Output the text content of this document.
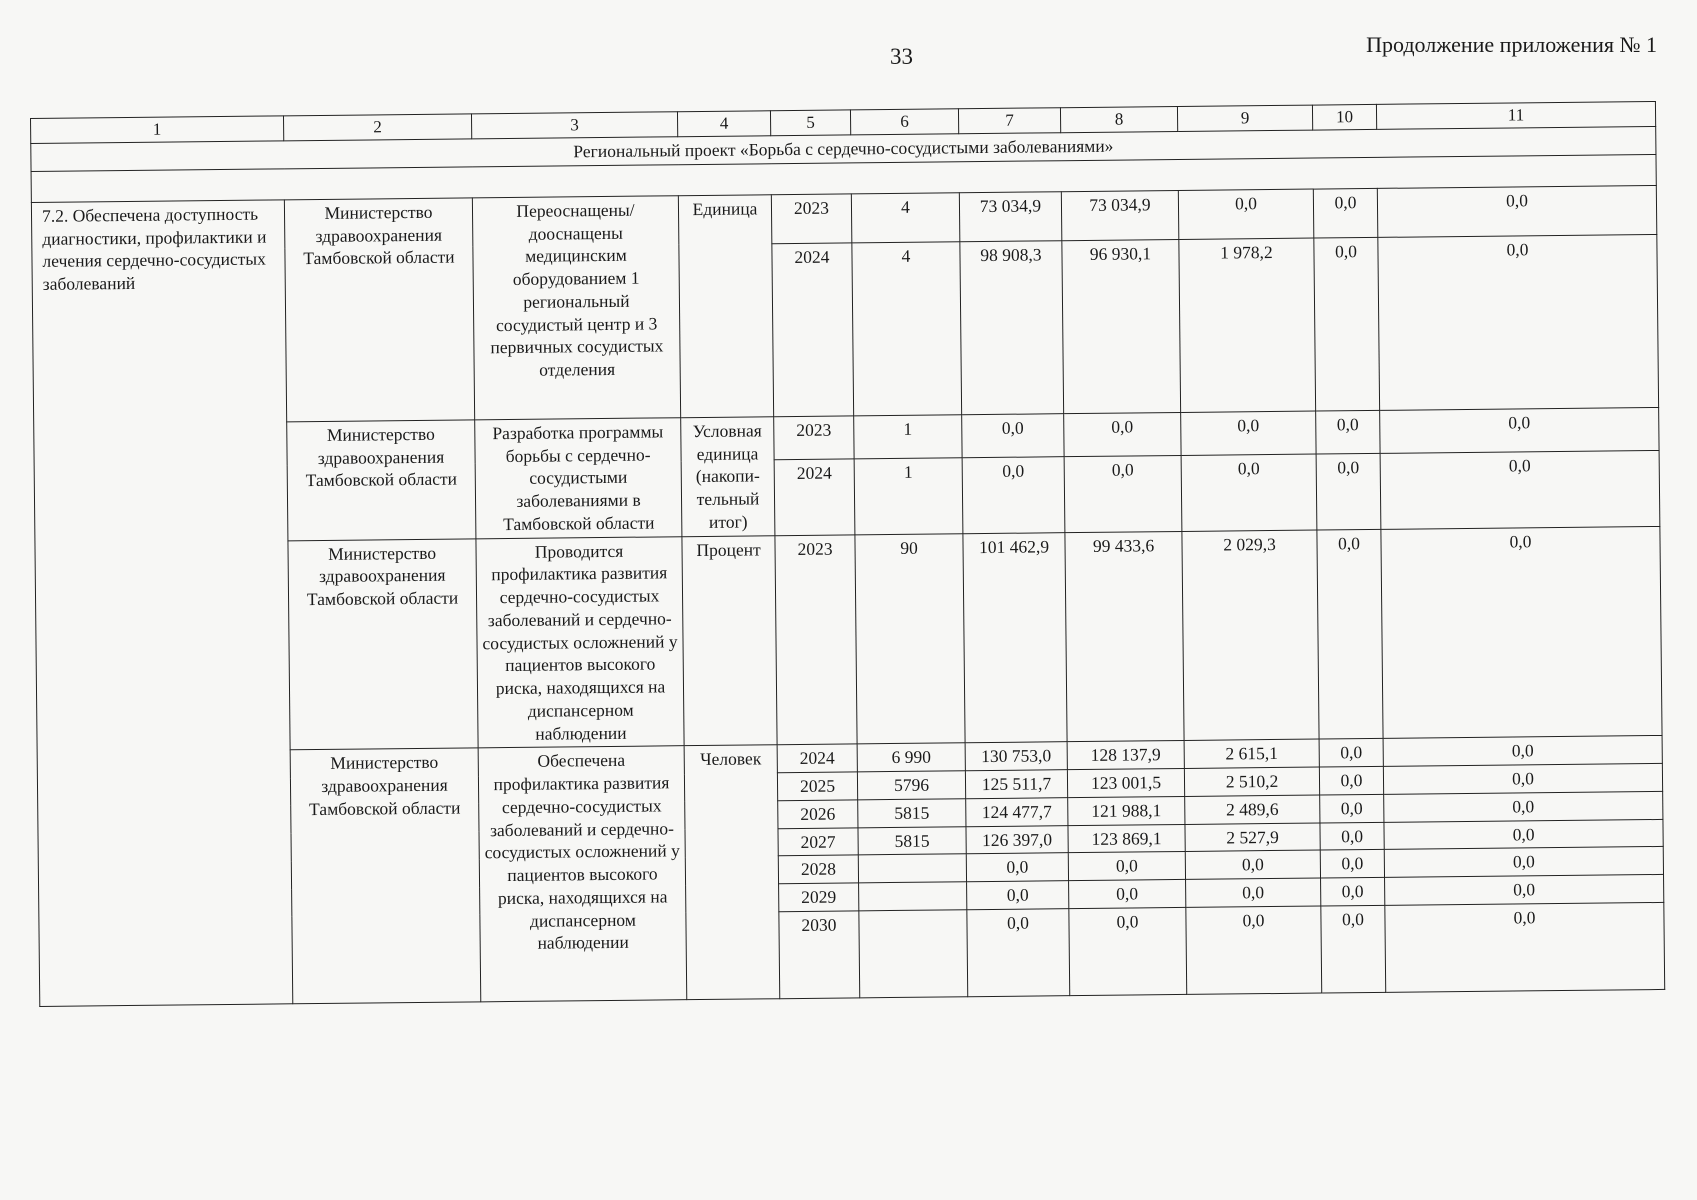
33	Продолжение приложения № 1
1	2	3	4	5	6	7	8	9	10	11
Региональный проект «Борьба с сердечно-сосудистыми заболеваниями»										

7.2. Обеспечена доступность диагностики, профилактики и лечения сердечно-сосудистых заболеваний	Министерство здравоохранения Тамбовской области	Переоснащены/ дооснащены медицинским оборудованием 1 региональный сосудистый центр и 3 первичных сосудистых отделения	Единица	2023	4	73 034,9	73 034,9	0,0	0,0	0,0
				2024	4	98 908,3	96 930,1	1 978,2	0,0	0,0
	Министерство здравоохранения Тамбовской области	Разработка программы борьбы с сердечно-сосудистыми заболеваниями в Тамбовской области	Условная единица (накопи-тельный итог)	2023	1	0,0	0,0	0,0	0,0	0,0
				2024	1	0,0	0,0	0,0	0,0	0,0
	Министерство здравоохранения Тамбовской области	Проводится профилактика развития сердечно-сосудистых заболеваний и сердечно-сосудистых осложнений у пациентов высокого риска, находящихся на диспансерном наблюдении	Процент	2023	90	101 462,9	99 433,6	2 029,3	0,0	0,0
	Министерство здравоохранения Тамбовской области	Обеспечена профилактика развития сердечно-сосудистых заболеваний и сердечно-сосудистых осложнений у пациентов высокого риска, находящихся на диспансерном наблюдении	Человек	2024	6 990	130 753,0	128 137,9	2 615,1	0,0	0,0
				2025	5796	125 511,7	123 001,5	2 510,2	0,0	0,0
				2026	5815	124 477,7	121 988,1	2 489,6	0,0	0,0
				2027	5815	126 397,0	123 869,1	2 527,9	0,0	0,0
				2028		0,0	0,0	0,0	0,0	0,0
				2029		0,0	0,0	0,0	0,0	0,0
				2030		0,0	0,0	0,0	0,0	0,0
